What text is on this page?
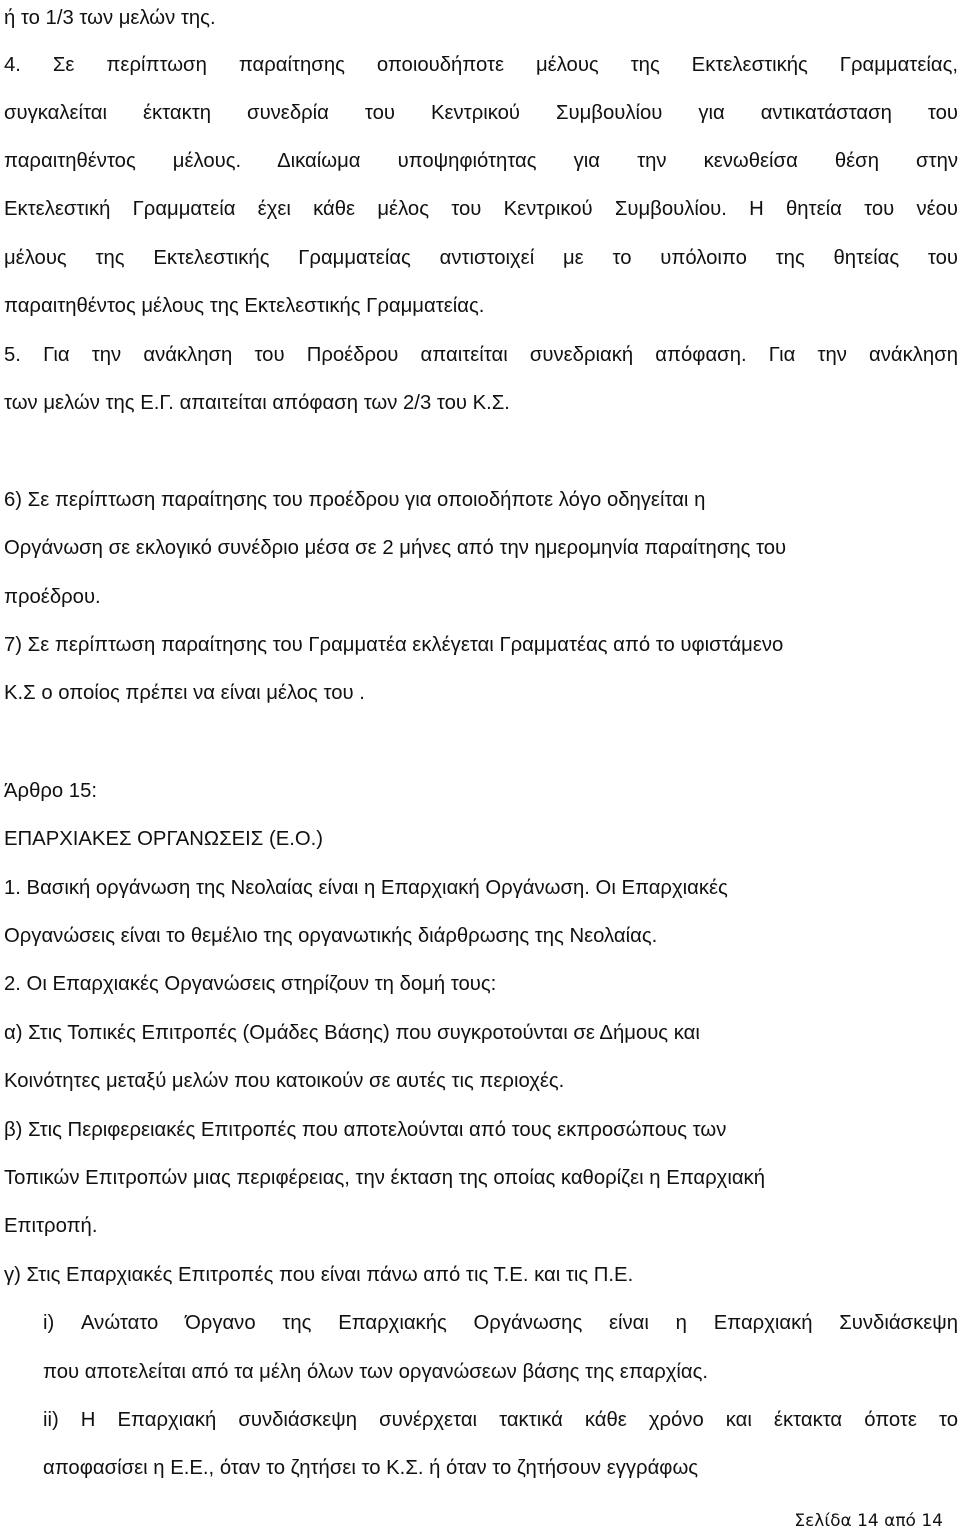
ή το 1/3 των μελών της.
4. Σε περίπτωση παραίτησης οποιουδήποτε μέλους της Εκτελεστικής Γραμματείας,
συγκαλείται έκτακτη συνεδρία του Κεντρικού Συμβουλίου για αντικατάσταση του
παραιτηθέντος μέλους. Δικαίωμα υποψηφιότητας για την κενωθείσα θέση στην
Εκτελεστική Γραμματεία έχει κάθε μέλος του Κεντρικού Συμβουλίου. Η θητεία του νέου
μέλους της Εκτελεστικής Γραμματείας αντιστοιχεί με το υπόλοιπο της θητείας του
παραιτηθέντος μέλους της Εκτελεστικής Γραμματείας.
5. Για την ανάκληση του Προέδρου απαιτείται συνεδριακή απόφαση. Για την ανάκληση
των μελών της Ε.Γ. απαιτείται απόφαση των 2/3 του Κ.Σ.
6) Σε περίπτωση παραίτησης του προέδρου για οποιοδήποτε λόγο οδηγείται η
Οργάνωση σε εκλογικό συνέδριο μέσα σε 2 μήνες από την ημερομηνία παραίτησης του
προέδρου.
7) Σε περίπτωση παραίτησης του Γραμματέα εκλέγεται Γραμματέας από το υφιστάμενο
Κ.Σ ο οποίος πρέπει να είναι μέλος του .
Άρθρο 15:
ΕΠΑΡΧΙΑΚΕΣ ΟΡΓΑΝΩΣΕΙΣ (Ε.Ο.)
1. Βασική οργάνωση της Νεολαίας είναι η Επαρχιακή Οργάνωση. Οι Επαρχιακές
Οργανώσεις είναι το θεμέλιο της οργανωτικής διάρθρωσης της Νεολαίας.
2. Οι Επαρχιακές Οργανώσεις στηρίζουν τη δομή τους:
α) Στις Τοπικές Επιτροπές (Ομάδες Βάσης) που συγκροτούνται σε Δήμους και
Κοινότητες μεταξύ μελών που κατοικούν σε αυτές τις περιοχές.
β) Στις Περιφερειακές Επιτροπές που αποτελούνται από τους εκπροσώπους των
Τοπικών Επιτροπών μιας περιφέρειας, την έκταση της οποίας καθορίζει η Επαρχιακή
Επιτροπή.
γ) Στις Επαρχιακές Επιτροπές που είναι πάνω από τις Τ.Ε. και τις Π.Ε.
i) Ανώτατο Όργανο της Επαρχιακής Οργάνωσης είναι η Επαρχιακή Συνδιάσκεψη
που αποτελείται από τα μέλη όλων των οργανώσεων βάσης της επαρχίας.
ii) Η Επαρχιακή συνδιάσκεψη συνέρχεται τακτικά κάθε χρόνο και έκτακτα όποτε το
αποφασίσει η Ε.Ε., όταν το ζητήσει το Κ.Σ. ή όταν το ζητήσουν εγγράφως
Σελίδα 14 από 14
